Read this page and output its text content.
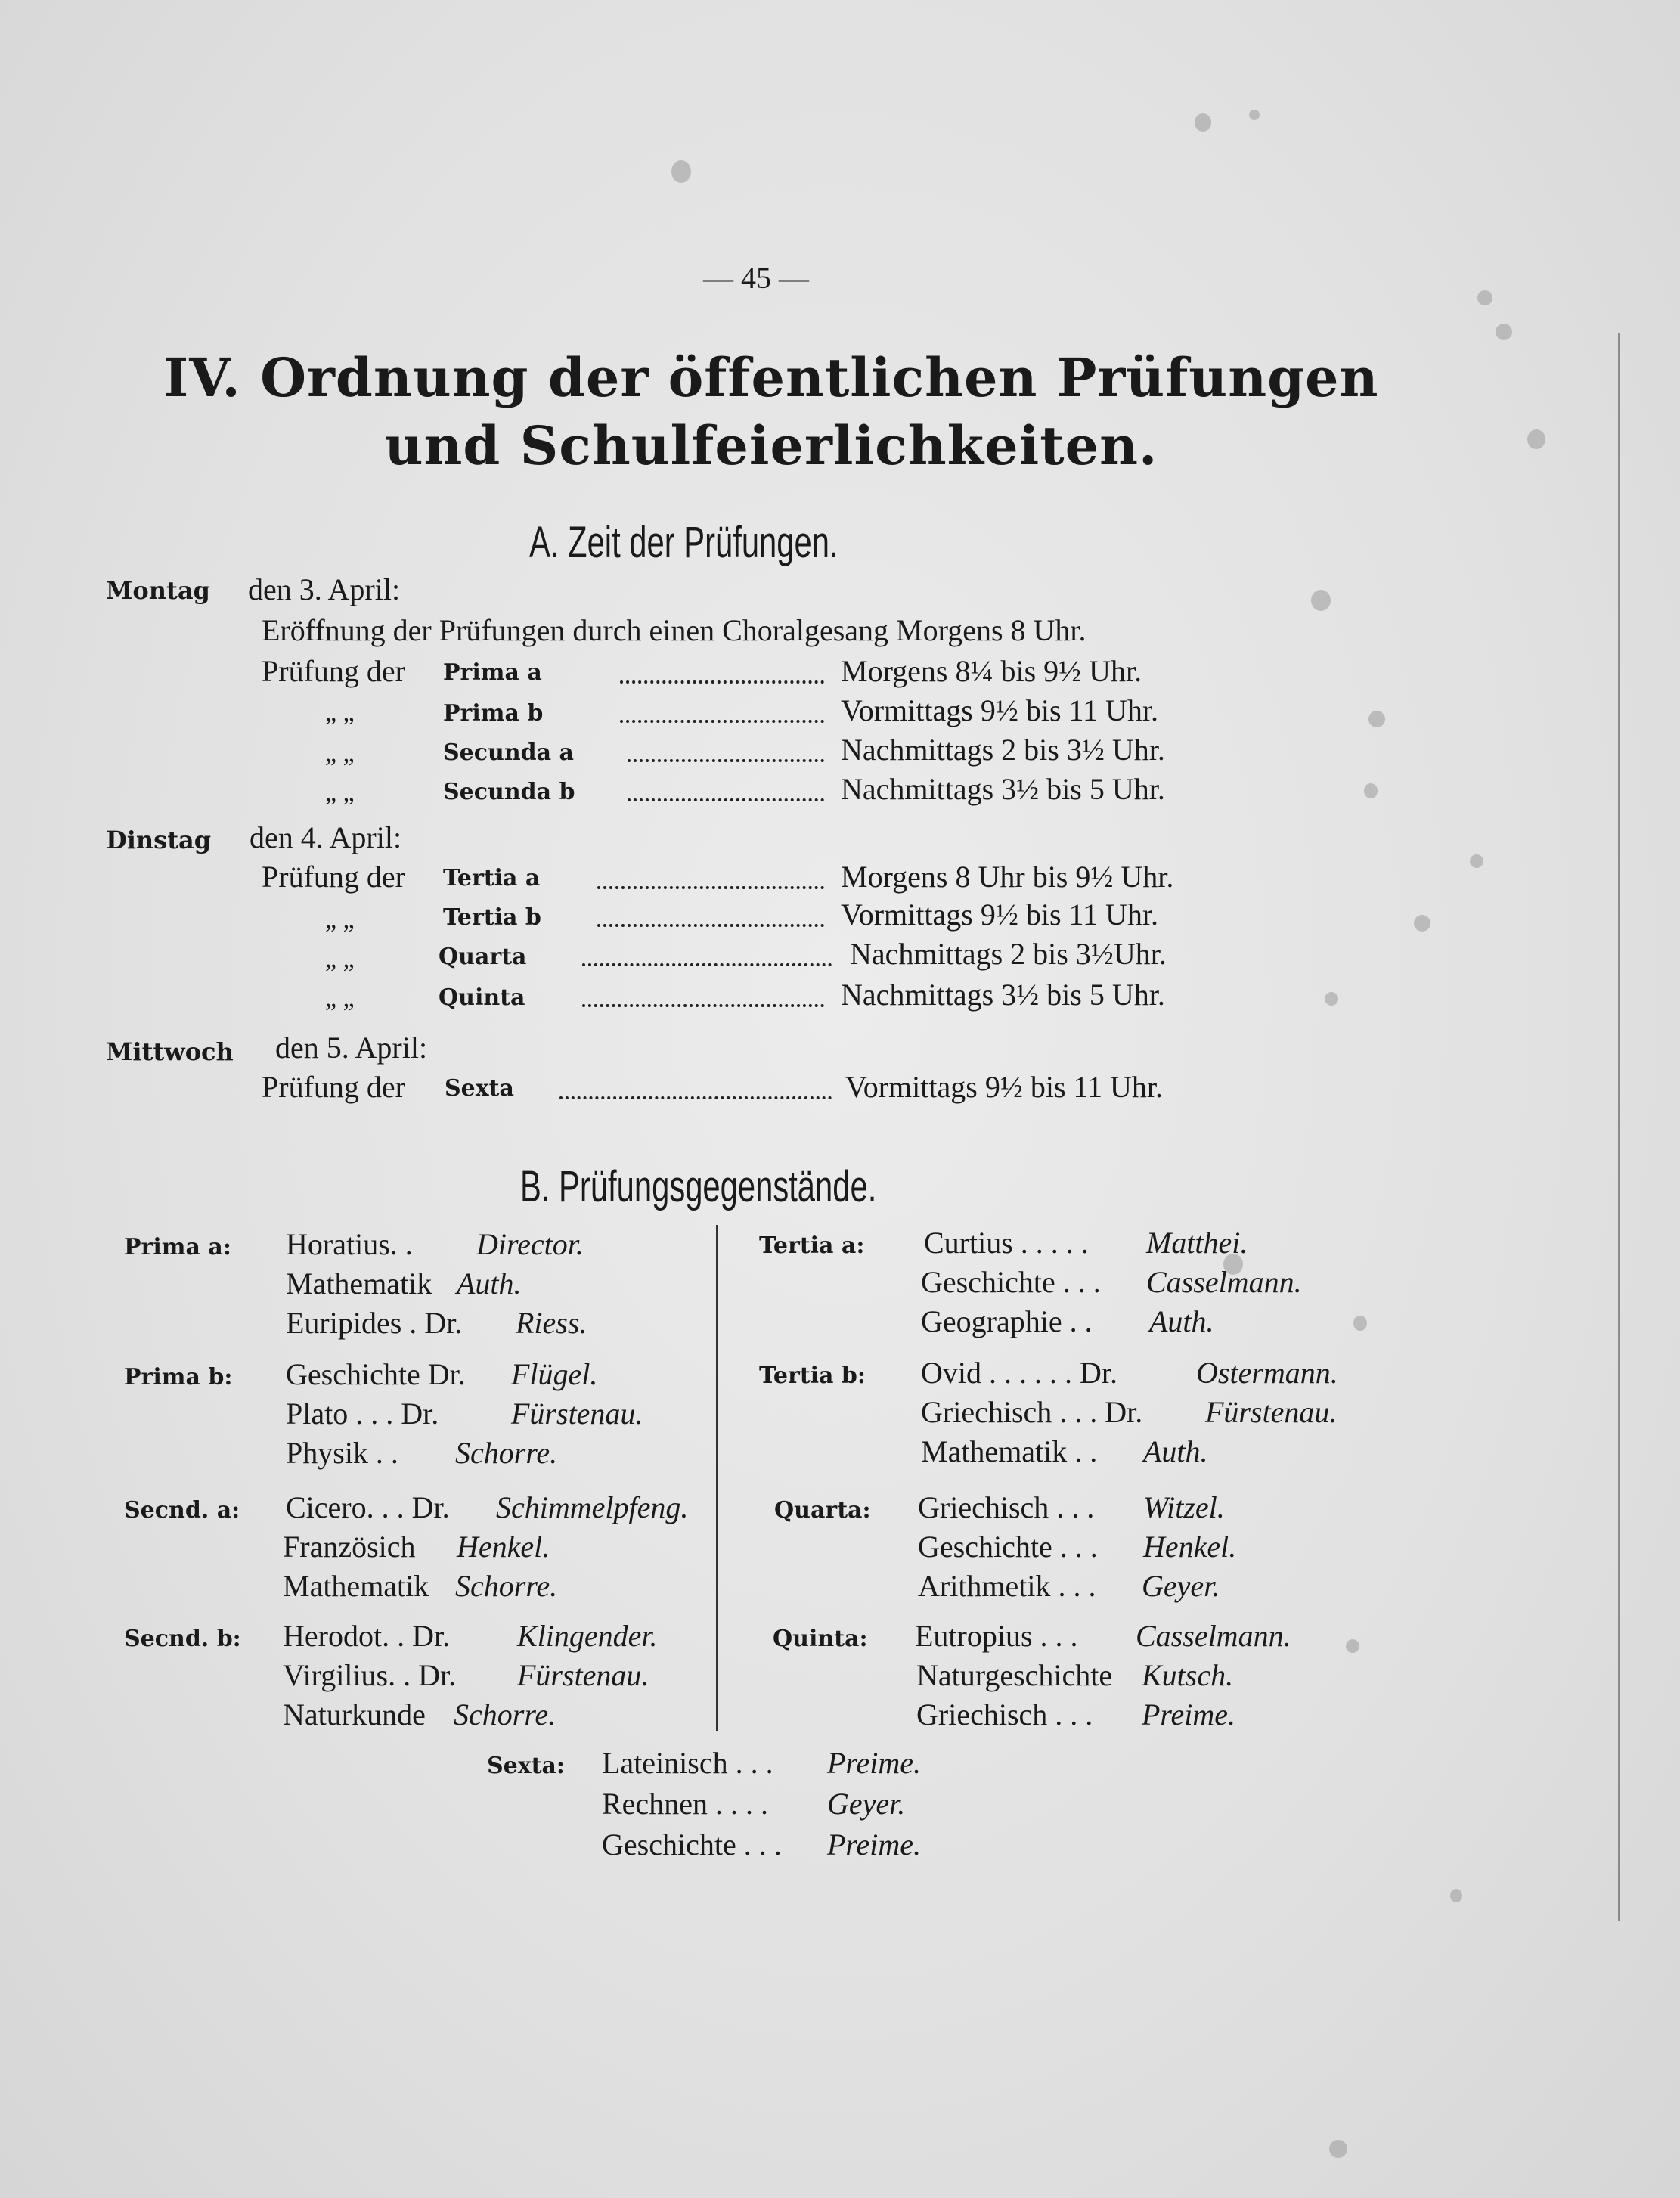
— 45 —
IV. Ordnung der öffentlichen Prüfungen
und Schulfeierlichkeiten.
A. Zeit der Prüfungen.
Montag den 3. April:
Eröffnung der Prüfungen durch einen Choralgesang Morgens 8 Uhr.
Prüfung der Prima a	Morgens 8¼ bis 9½ Uhr.
„ „	Prima b	Vormittags 9½ bis 11 Uhr.
„ „	Secunda a	Nachmittags 2 bis 3½ Uhr.
„ „	Secunda b	Nachmittags 3½ bis 5 Uhr.
Dinstag den 4. April:
Prüfung der Tertia a	Morgens 8 Uhr bis 9½ Uhr.
„ „	Tertia b	Vormittags 9½ bis 11 Uhr.
„ „	Quarta	Nachmittags 2 bis 3½Uhr.
„ „	Quinta	Nachmittags 3½ bis 5 Uhr.
Mittwoch den 5. April:
Prüfung der Sexta	Vormittags 9½ bis 11 Uhr.
B. Prüfungsgegenstände.
Prima a: Horatius. . Director.
Mathematik Auth.
Euripides . Dr. Riess.
Prima b: Geschichte Dr. Flügel.
Plato . . . Dr. Fürstenau.
Physik . . Schorre.
Secnd. a: Cicero. . . Dr. Schimmelpfeng.
Französich Henkel.
Mathematik Schorre.
Secnd. b: Herodot. . Dr. Klingender.
Virgilius. . Dr. Fürstenau.
Naturkunde Schorre.
Tertia a: Curtius . . . . . Matthei.
Geschichte . . . Casselmann.
Geographie . . Auth.
Tertia b: Ovid . . . . . . Dr.	Ostermann.
Griechisch . . . Dr. Fürstenau.
Mathematik . . Auth.
Quarta: Griechisch . . . Witzel.
Geschichte . . . Henkel.
Arithmetik . . . Geyer.
Quinta: Eutropius . . . Casselmann.
Naturgeschichte Kutsch.
Griechisch . . . Preime.
Sexta: Lateinisch . . . Preime.
Rechnen . . . . Geyer.
Geschichte . . . Preime.
